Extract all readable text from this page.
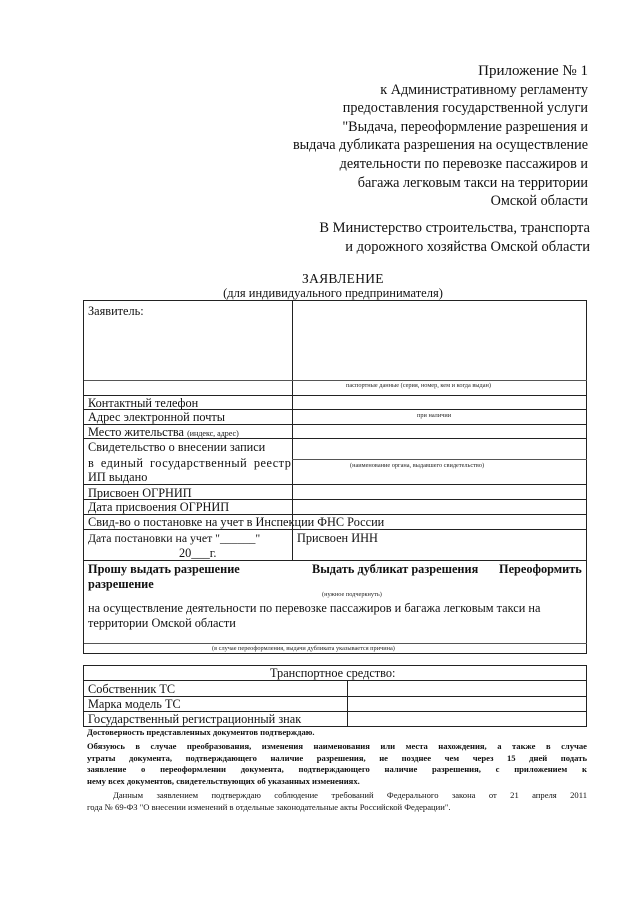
Приложение № 1
к Административному регламенту
предоставления государственной услуги
"Выдача, переоформление разрешения и
выдача дубликата разрешения на осуществление
деятельности по перевозке пассажиров и
багажа легковым такси на территории
Омской области
В Министерство строительства, транспорта
и дорожного хозяйства Омской области
ЗАЯВЛЕНИЕ
(для индивидуального предпринимателя)
Заявитель:
паспортные данные (серия, номер, кем и когда выдан)
Контактный телефон
Адрес электронной почты	при наличии
Место жительства (индекс, адрес)
Свидетельство о внесении записи
в единый государственный реестр
ИП выдано
(наименование органа, выдавшего свидетельство)
Присвоен ОГРНИП
Дата присвоения ОГРНИП
Свид-во о постановке на учет в Инспекции ФНС России
Дата постановки на учет "______"
20___г.
Присвоен ИНН
Прошу выдать разрешение	Выдать дубликат разрешения Переоформить
разрешение
(нужное подчеркнуть)
на осуществление деятельности по перевозке пассажиров и багажа легковым такси на
территории Омской области
(в случае переоформления, выдачи дубликата указывается причина)
Транспортное средство:
Собственник ТС
Марка модель ТС
Государственный регистрационный знак
Достоверность представленных документов подтверждаю.
Обязуюсь в случае преобразования, изменения наименования или места нахождения, а также в случае
утраты документа, подтверждающего наличие разрешения, не позднее чем через 15 дней подать
заявление о переоформлении документа, подтверждающего наличие разрешения, с приложением к
нему всех документов, свидетельствующих об указанных изменениях.
Данным заявлением подтверждаю соблюдение требований Федерального закона от 21 апреля 2011
года № 69-ФЗ "О внесении изменений в отдельные законодательные акты Российской Федерации".
